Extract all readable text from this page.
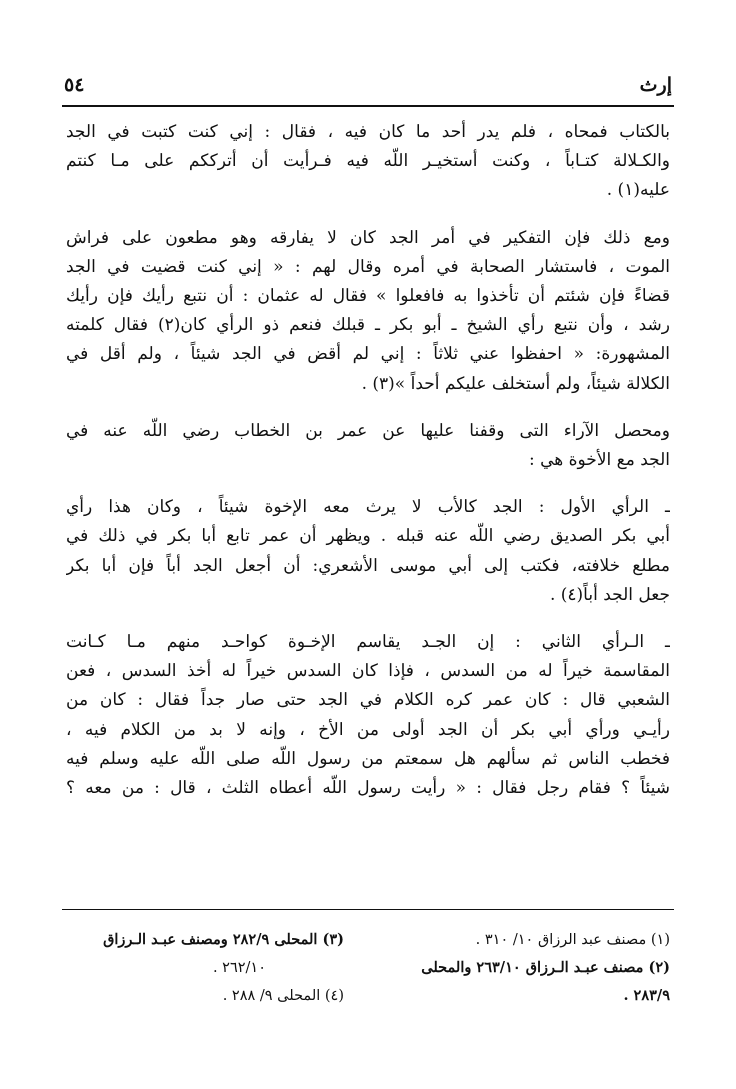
إرث
٥٤
بالكتاب فمحاه ، فلم يدر أحد ما كان فيه ، فقال : إني كنت كتبت في الجد
والكـلالة كتـاباً ، وكنت أستخيـر اللّه فيه فـرأيت أن أترككم على مـا كنتم
عليه(١) .
ومع ذلك فإن التفكير في أمر الجد كان لا يفارقه وهو مطعون على فراش
الموت ، فاستشار الصحابة في أمره وقال لهم : « إني كنت قضيت في الجد
قضاءً فإن شئتم أن تأخذوا به فافعلوا » فقال له عثمان : أن نتبع رأيك فإن رأيك
رشد ، وأن نتبع رأي الشيخ ـ أبو بكر ـ قبلك فنعم ذو الرأي كان(٢) فقال كلمته
المشهورة: « احفظوا عني ثلاثاً : إني لم أقض في الجد شيئاً ، ولم أقل في
الكلالة شيئاً، ولم أستخلف عليكم أحداً »(٣) .
ومحصل الآراء التى وقفنا عليها عن عمر بن الخطاب رضي اللّه عنه في
الجد مع الأخوة هي :
ـ الرأي الأول : الجد كالأب لا يرث معه الإخوة شيئاً ، وكان هذا رأي
أبي بكر الصديق رضي اللّه عنه قبله . ويظهر أن عمر تابع أبا بكر في ذلك في
مطلع خلافته، فكتب إلى أبي موسى الأشعري: أن أجعل الجد أباً فإن أبا بكر
جعل الجد أباً(٤) .
ـ الـرأي الثاني : إن الجـد يقاسم الإخـوة كواحـد منهم مـا كـانت
المقاسمة خيراً له من السدس ، فإذا كان السدس خيراً له أخذ السدس ، فعن
الشعبي قال : كان عمر كره الكلام في الجد حتى صار جداً فقال : كان من
رأيـي ورأي أبي بكر أن الجد أولى من الأخ ، وإنه لا بد من الكلام فيه ،
فخطب الناس ثم سألهم هل سمعتم من رسول اللّه صلى اللّه عليه وسلم فيه
شيئاً ؟ فقام رجل فقال : « رأيت رسول اللّه أعطاه الثلث ، قال : من معه ؟
(١) مصنف عبد الرزاق ١٠/ ٣١٠ .
(٢) مصنف عبـد الـرزاق ٢٦٣/١٠ والمحلى
٢٨٣/٩ .
(٣) المحلى ٢٨٢/٩ ومصنف عبـد الـرزاق
٢٦٢/١٠ .
(٤) المحلى ٩/ ٢٨٨ .
